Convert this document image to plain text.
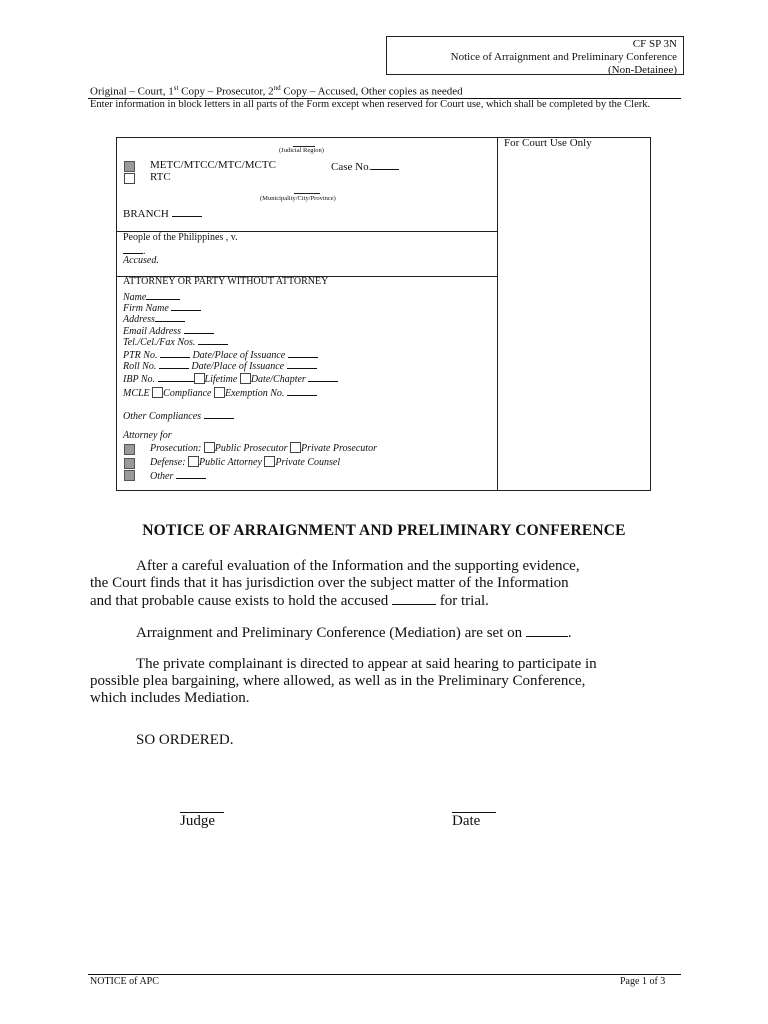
CF SP 3N
Notice of Arraignment and Preliminary Conference
(Non-Detainee)
Original – Court, 1st Copy – Prosecutor, 2nd Copy – Accused, Other copies as needed
Enter information in block letters in all parts of the Form except when reserved for Court use, which shall be completed by the Clerk.
For Court Use Only
(Judicial Region)
METC/MTCC/MTC/MCTC	Case No.
RTC
(Municipality/City/Province)
BRANCH
People of the Philippines , v.
.
Accused.
ATTORNEY OR PARTY WITHOUT ATTORNEY
Name
Firm Name
Address
Email Address
Tel./Cel./Fax Nos.
PTR No.	Date/Place of Issuance
Roll No.	Date/Place of Issuance
IBP No.	Lifetime Date/Chapter
MCLE Compliance Exemption No.
Other Compliances
Attorney for
Prosecution: Public Prosecutor Private Prosecutor
Defense: Public Attorney Private Counsel
Other
NOTICE OF ARRAIGNMENT AND PRELIMINARY CONFERENCE
After a careful evaluation of the Information and the supporting evidence,
the Court finds that it has jurisdiction over the subject matter of the Information
and that probable cause exists to hold the accused	for trial.
Arraignment and Preliminary Conference (Mediation) are set on	.
The private complainant is directed to appear at said hearing to participate in
possible plea bargaining, where allowed, as well as in the Preliminary Conference,
which includes Mediation.
SO ORDERED.
Judge	Date
NOTICE of APC	Page 1 of 3
